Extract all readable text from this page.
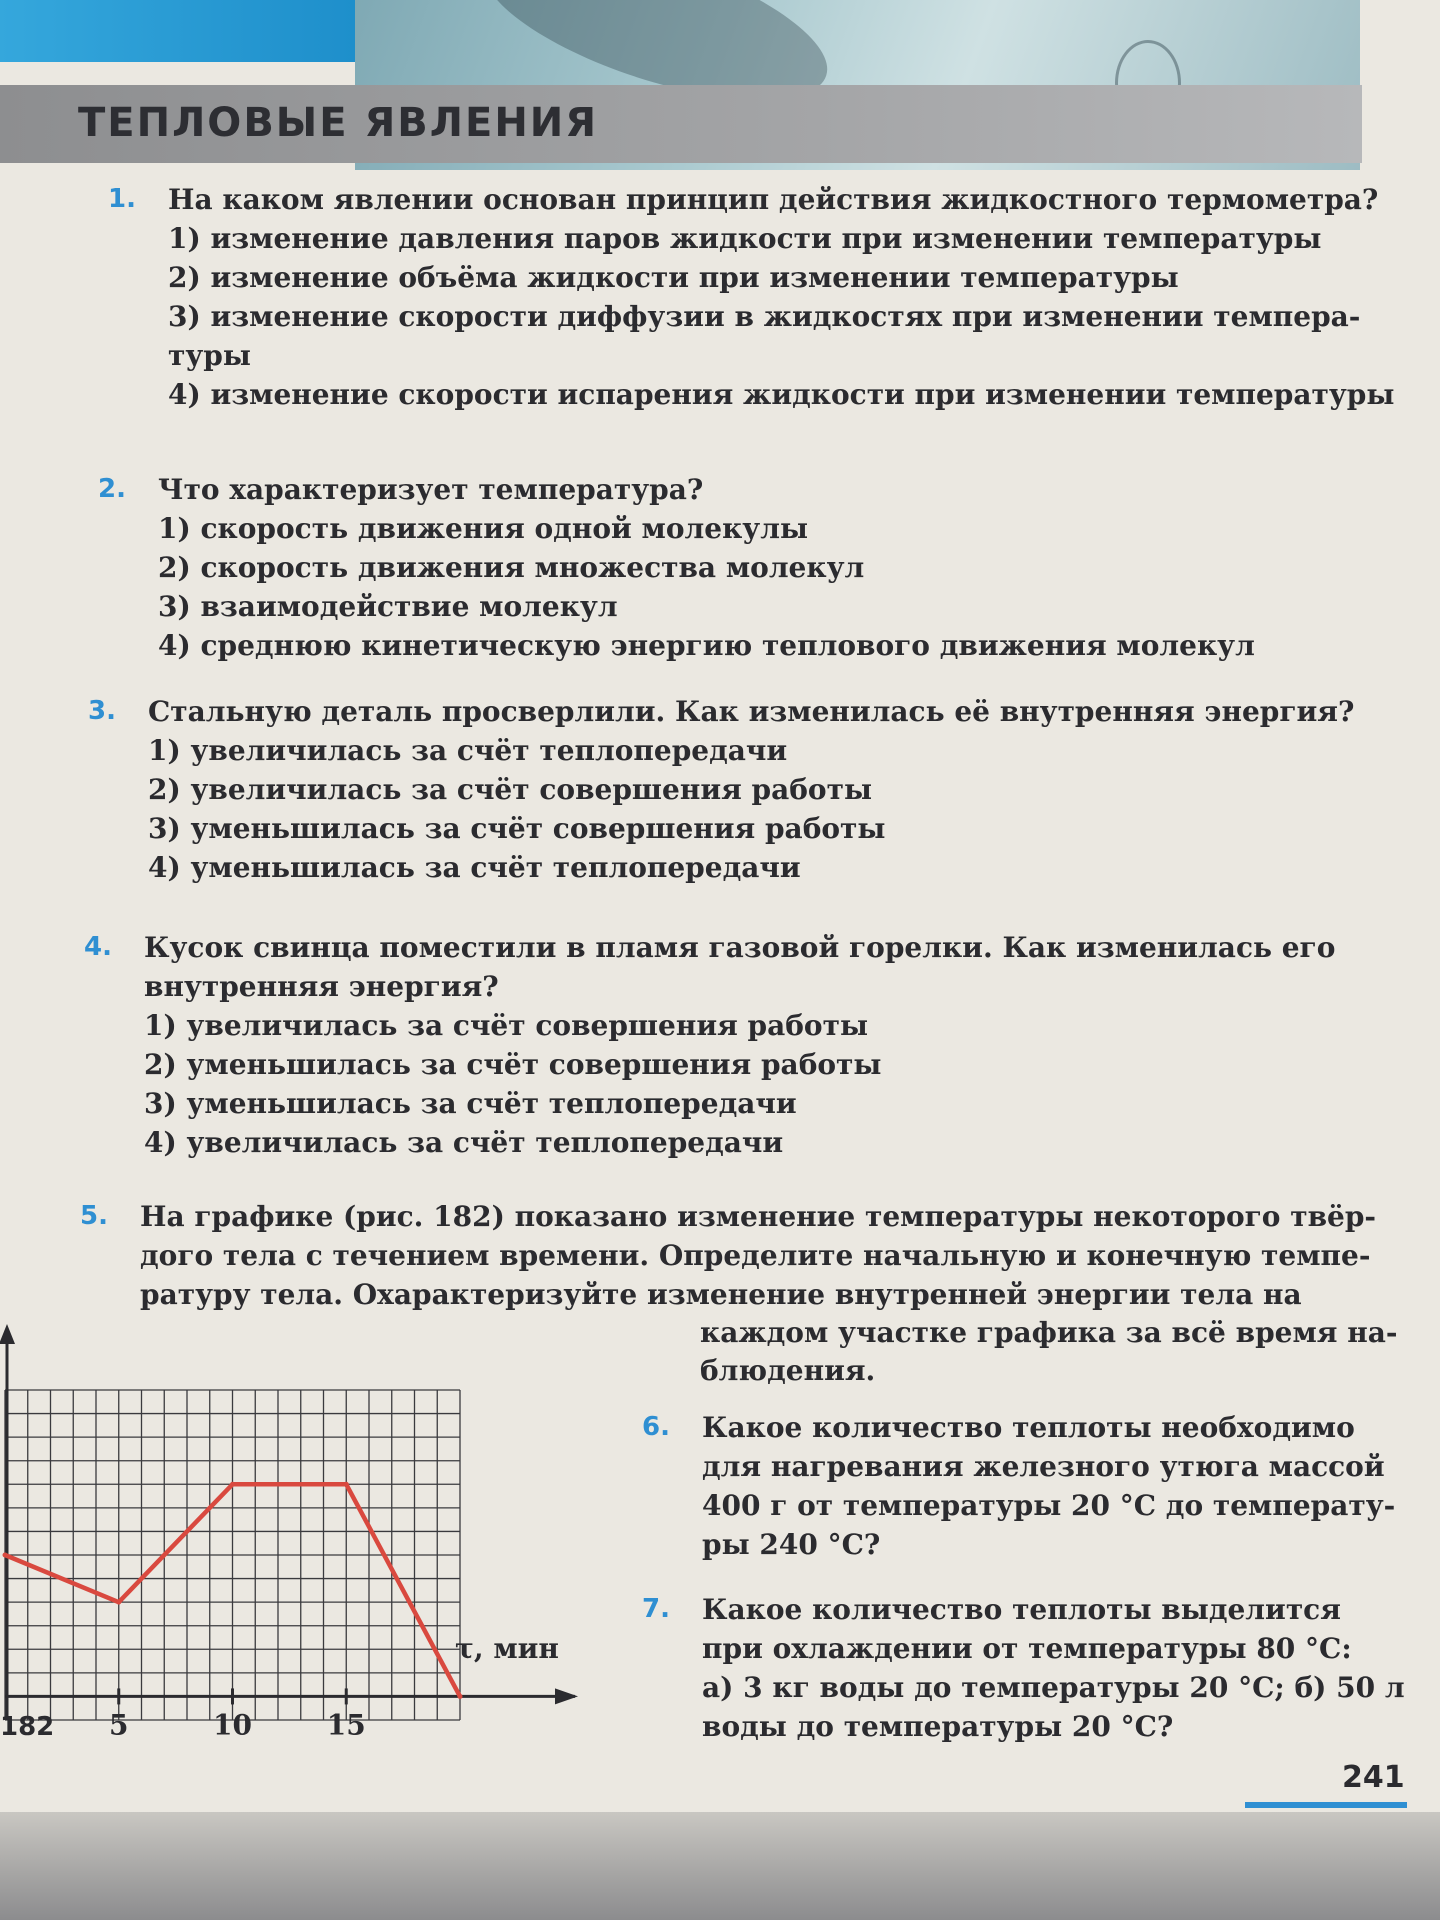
ТЕПЛОВЫЕ ЯВЛЕНИЯ
1. На каком явлении основан принцип действия жидкостного термометра?
1) изменение давления паров жидкости при изменении температуры
2) изменение объёма жидкости при изменении температуры
3) изменение скорости диффузии в жидкостях при изменении темпера-
туры
4) изменение скорости испарения жидкости при изменении температуры
2. Что характеризует температура?
1) скорость движения одной молекулы
2) скорость движения множества молекул
3) взаимодействие молекул
4) среднюю кинетическую энергию теплового движения молекул
3. Стальную деталь просверлили. Как изменилась её внутренняя энергия?
1) увеличилась за счёт теплопередачи
2) увеличилась за счёт совершения работы
3) уменьшилась за счёт совершения работы
4) уменьшилась за счёт теплопередачи
4. Кусок свинца поместили в пламя газовой горелки. Как изменилась его
внутренняя энергия?
1) увеличилась за счёт совершения работы
2) уменьшилась за счёт совершения работы
3) уменьшилась за счёт теплопередачи
4) увеличилась за счёт теплопередачи
5. На графике (рис. 182) показано изменение температуры некоторого твёр-
дого тела с течением времени. Определите начальную и конечную темпе-
ратуру тела. Охарактеризуйте изменение внутренней энергии тела на
каждом участке графика за всё время на-
блюдения.
6. Какое количество теплоты необходимо
для нагревания железного утюга массой
400 г от температуры 20 °С до температу-
ры 240 °С?
7. Какое количество теплоты выделится
при охлаждении от температуры 80 °С:
а) 3 кг воды до температуры 20 °С; б) 50 л
воды до температуры 20 °С?
5	10	15
τ, мин
182
241
